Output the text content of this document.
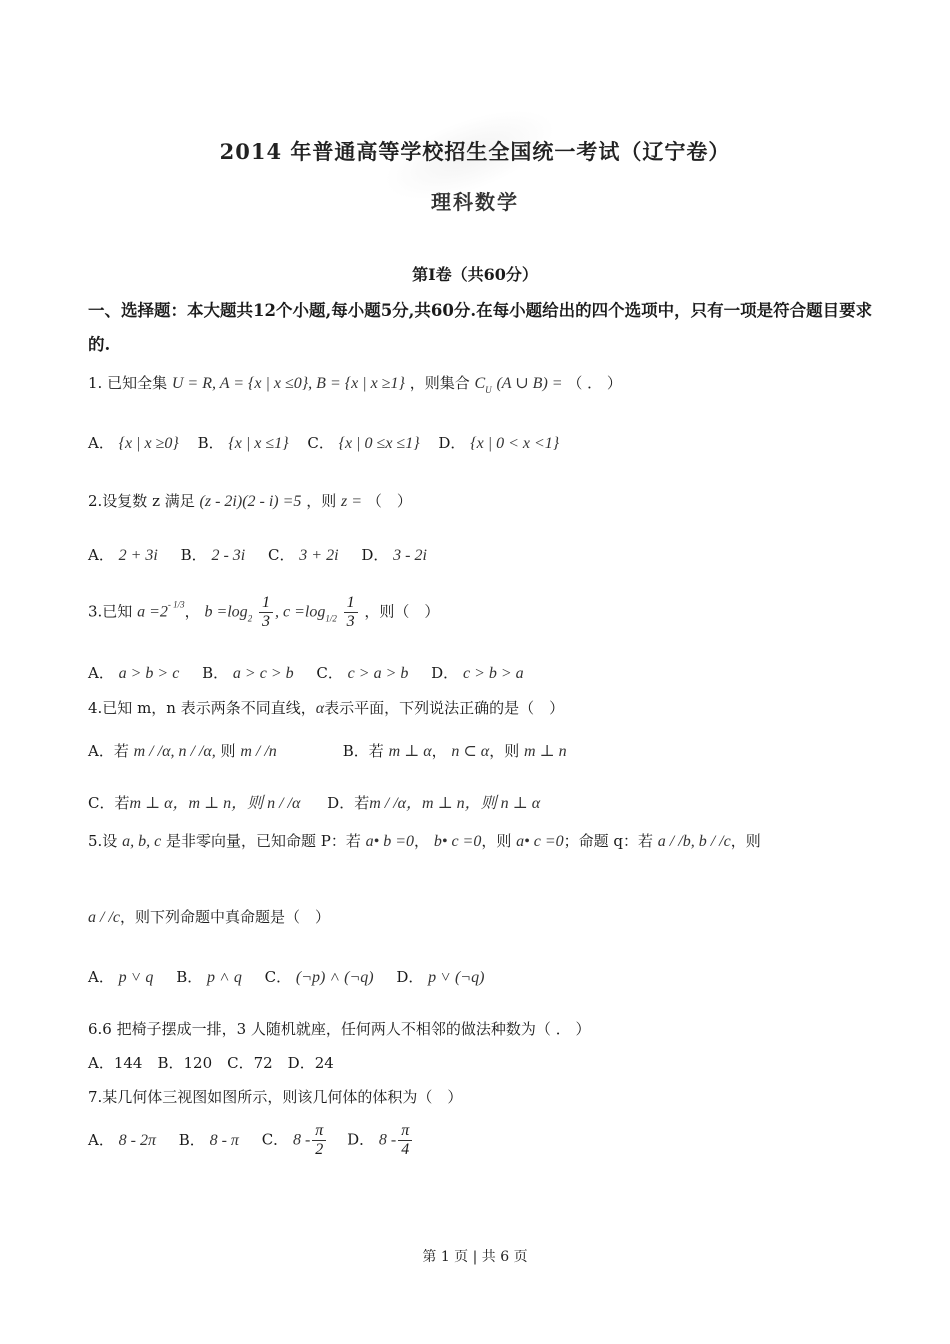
2014 年普通高等学校招生全国统一考试（辽宁卷）
理科数学
第Ⅰ卷（共60分）
一、选择题：本大题共12个小题,每小题5分,共60分.在每小题给出的四个选项中，只有一项是符合题目要求的.
1. 已知全集 U = R, A = {x | x ≤0}, B = {x | x ≥1} ，则集合 $C_U$ (A ∪ B) = （ ． ）
A． {x | x ≥0} B． {x | x ≤1} C． {x | 0 ≤x ≤1} D． {x | 0 < x <1}
2.设复数 z 满足 (z - 2i)(2 - i) =5 ，则 z = （　）
A． 2 + 3i B． 2 - 3i C． 3 + 2i D． 3 - 2i
3.已知 $a =2^{- 1/3}$， $b =\log_2 \frac{1}{3}$ , $c =\log_{1/2} \frac{1}{3}$ ，则（　）
A． a > b > c B． a > c > b C． c > a > b D． c > b > a
4.已知 m，n 表示两条不同直线，α表示平面，下列说法正确的是（　）
A．若 m / /α, n / /α, 则 m / /n	B．若 m ⊥ α， n ⊂ α，则 m ⊥ n
C．若m ⊥ α，m ⊥ n，则 n / /α D．若m / /α，m ⊥ n，则 n ⊥ α
5.设 a, b, c 是非零向量，已知命题 P：若 a• b =0， b• c =0，则 a• c =0；命题 q：若 a / /b, b / /c，则
a / /c，则下列命题中真命题是（　）
A． p ˅ q B． p ˄ q C． (¬p) ˄ (¬q) D． p ˅ (¬q)
6.6 把椅子摆成一排，3 人随机就座，任何两人不相邻的做法种数为（ ． ）
A．144　B．120　C．72　D．24
7.某几何体三视图如图所示，则该几何体的体积为（　）
A． 8 - 2π B． 8 - π C． $8 - \frac{\pi}{2}$ D． $8 - \frac{\pi}{4}$
第 1 页 | 共 6 页
